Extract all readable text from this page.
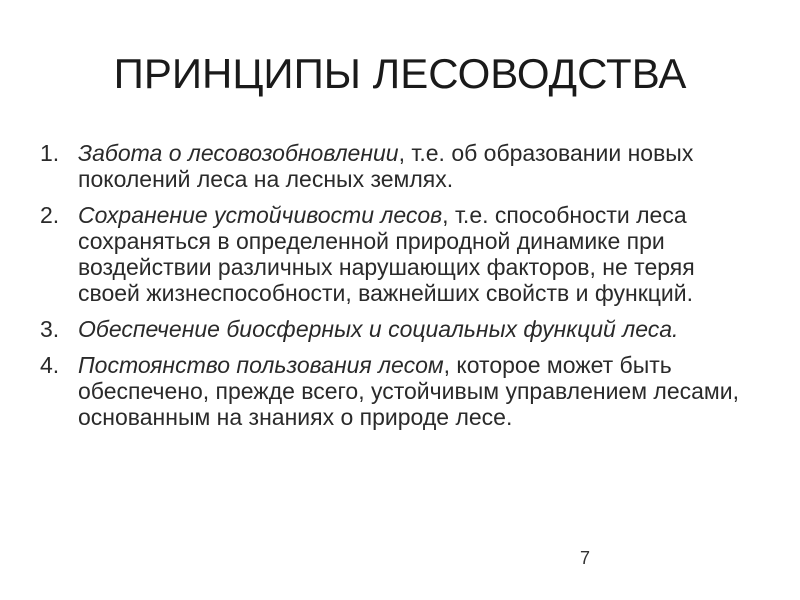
ПРИНЦИПЫ ЛЕСОВОДСТВА
1. Забота о лесовозобновлении, т.е. об образовании новых поколений леса на лесных землях.
2. Сохранение устойчивости лесов, т.е. способности леса сохраняться в определенной природной динамике при воздействии различных нарушающих факторов, не теряя своей жизнеспособности, важнейших свойств и функций.
3. Обеспечение биосферных и социальных функций леса.
4. Постоянство пользования лесом, которое может быть обеспечено, прежде всего, устойчивым управлением лесами, основанным на знаниях о природе лесе.
7
